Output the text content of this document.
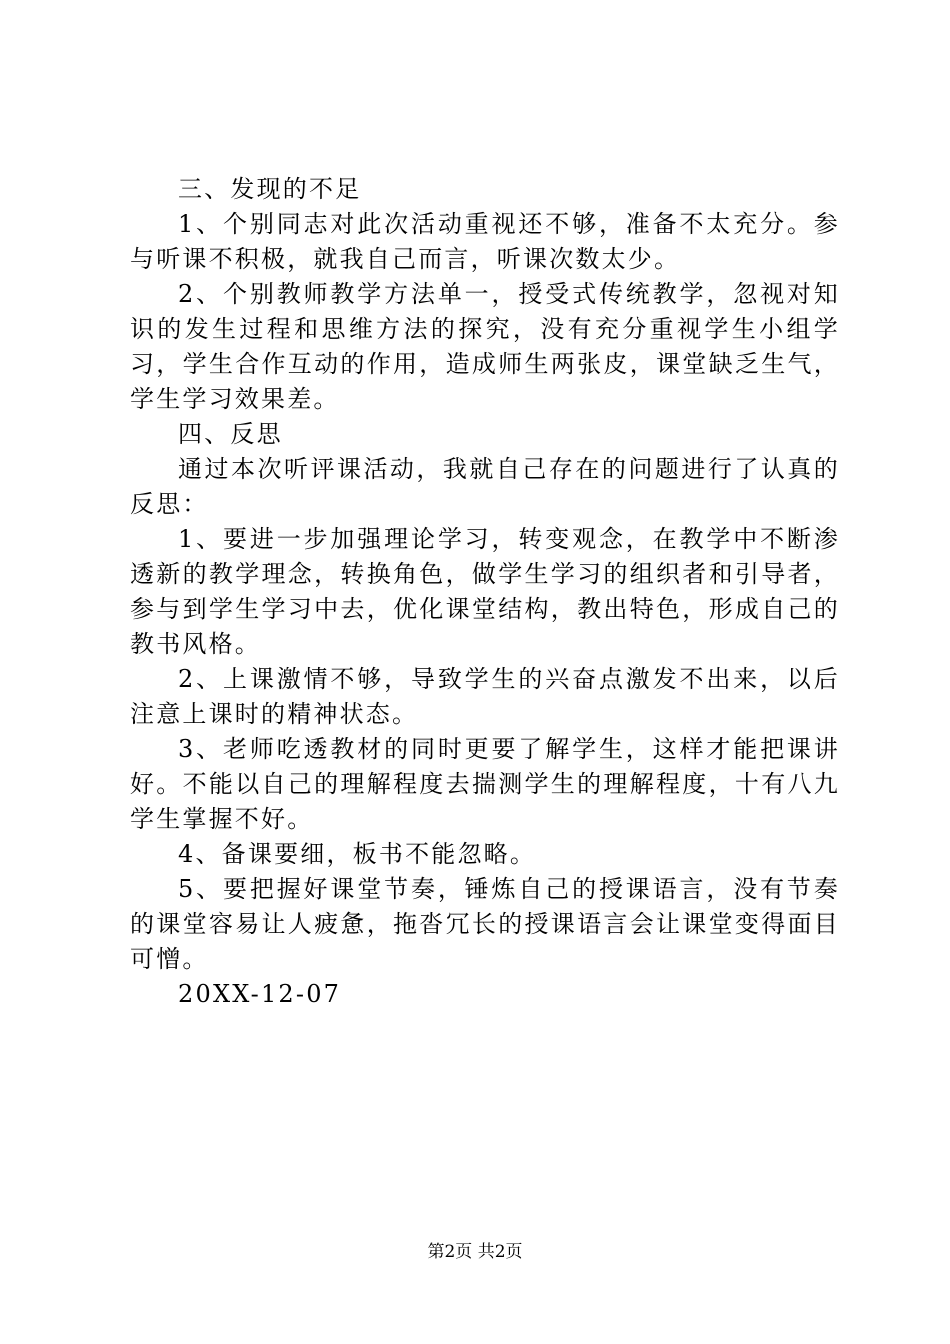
三、发现的不足

1、个别同志对此次活动重视还不够，准备不太充分。参与听课不积极，就我自己而言，听课次数太少。

2、个别教师教学方法单一，授受式传统教学，忽视对知识的发生过程和思维方法的探究，没有充分重视学生小组学习，学生合作互动的作用，造成师生两张皮，课堂缺乏生气，学生学习效果差。

四、反思

通过本次听评课活动，我就自己存在的问题进行了认真的反思：

1、要进一步加强理论学习，转变观念，在教学中不断渗透新的教学理念，转换角色，做学生学习的组织者和引导者，参与到学生学习中去，优化课堂结构，教出特色，形成自己的教书风格。

2、上课激情不够，导致学生的兴奋点激发不出来，以后注意上课时的精神状态。

3、老师吃透教材的同时更要了解学生，这样才能把课讲好。不能以自己的理解程度去揣测学生的理解程度，十有八九学生掌握不好。

4、备课要细，板书不能忽略。

5、要把握好课堂节奏，锤炼自己的授课语言，没有节奏的课堂容易让人疲惫，拖沓冗长的授课语言会让课堂变得面目可憎。

20XX-12-07

第2页 共2页
